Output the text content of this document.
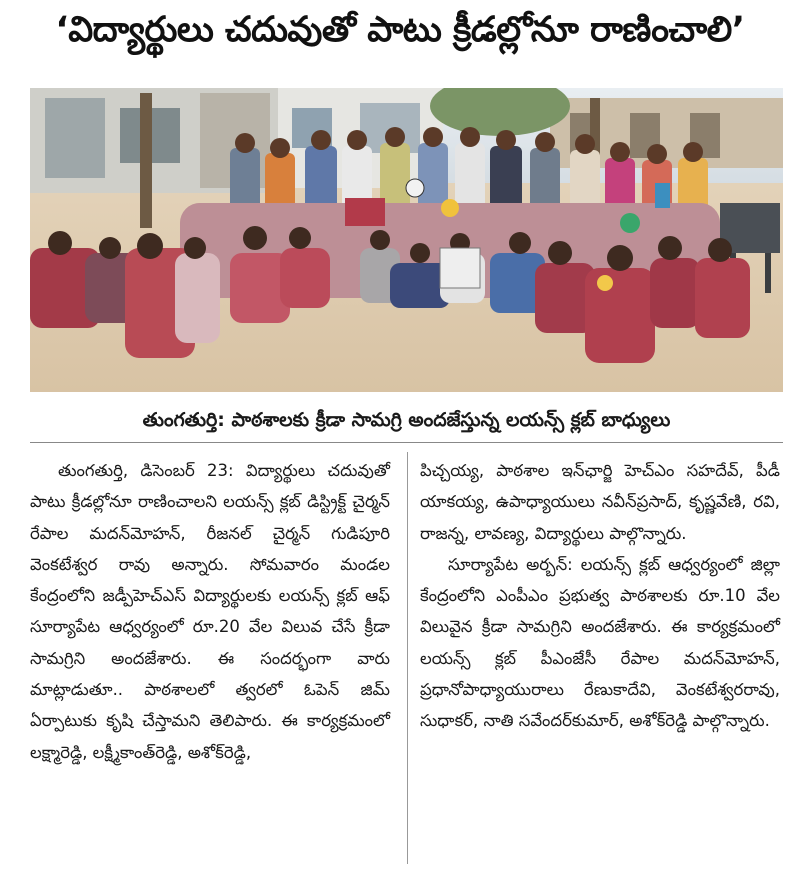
‘విద్యార్థులు చదువుతో పాటు క్రీడల్లోనూ రాణించాలి’
తుంగతుర్తి: పాఠశాలకు క్రీడా సామగ్రి అందజేస్తున్న లయన్స్ క్లబ్ బాధ్యులు

తుంగతుర్తి, డిసెంబర్ 23: విద్యార్థులు చదువుతో పాటు క్రీడల్లోనూ రాణించాలని లయన్స్ క్లబ్ డిస్ట్రిక్ట్ చైర్మన్ రేపాల మదన్‌మోహన్, రీజనల్ చైర్మన్ గుడిపూరి వెంకటేశ్వర రావు అన్నారు. సోమవారం మండల కేంద్రంలోని జడ్పీహెచ్‌ఎస్ విద్యార్థులకు లయన్స్ క్లబ్ ఆఫ్ సూర్యాపేట ఆధ్వర్యంలో రూ.20 వేల విలువ చేసే క్రీడా సామగ్రిని అందజేశారు. ఈ సందర్భంగా వారు మాట్లాడుతూ.. పాఠశాలలో త్వరలో ఓపెన్ జిమ్ ఏర్పాటుకు కృషి చేస్తామని తెలిపారు. ఈ కార్యక్రమంలో లక్ష్మారెడ్డి, లక్ష్మీకాంత్‌రెడ్డి, అశోక్‌రెడ్డి,

పిచ్చయ్య, పాఠశాల ఇన్‌ఛార్జి హెచ్‌ఎం సహదేవ్, పీడీ యాకయ్య, ఉపాధ్యాయులు నవీన్‌ప్రసాద్, కృష్ణవేణి, రవి, రాజన్న, లావణ్య, విద్యార్థులు పాల్గొన్నారు.

సూర్యాపేట అర్బన్: లయన్స్ క్లబ్ ఆధ్వర్యంలో జిల్లా కేంద్రంలోని ఎంపీఎం ప్రభుత్వ పాఠశాలకు రూ.10 వేల విలువైన క్రీడా సామగ్రిని అందజేశారు. ఈ కార్యక్రమంలో లయన్స్ క్లబ్ పీఎంజేసీ రేపాల మదన్‌మోహన్, ప్రధానోపాధ్యాయురాలు రేణుకాదేవి, వెంకటేశ్వరరావు, సుధాకర్, నాతి సవేందర్‌కుమార్, అశోక్‌రెడ్డి పాల్గొన్నారు.
